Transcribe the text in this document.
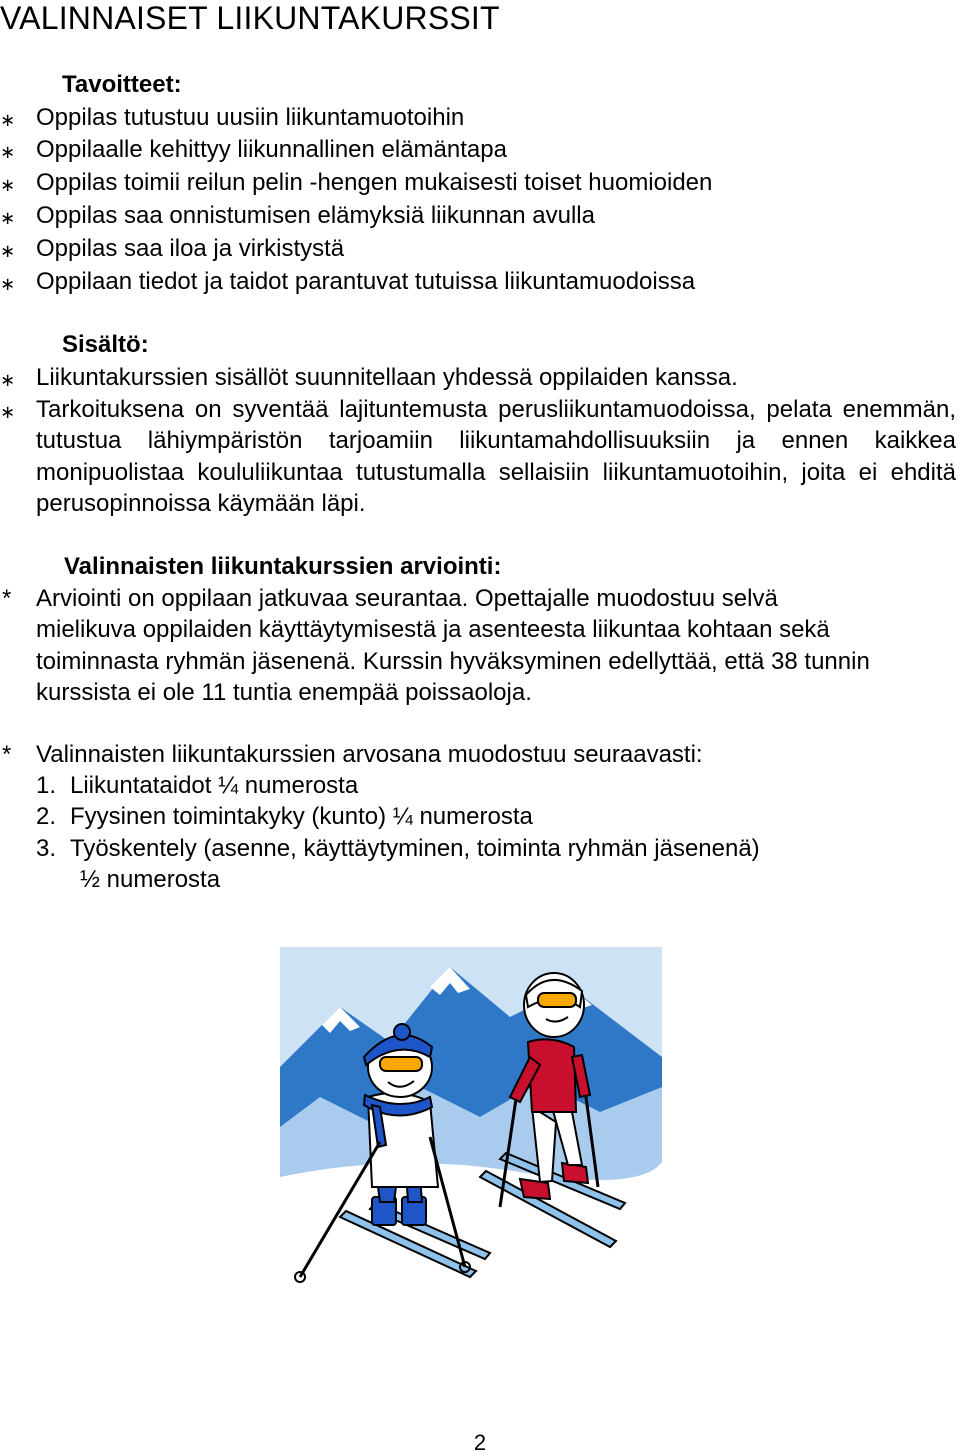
VALINNAISET LIIKUNTAKURSSIT
Tavoitteet:
∗ Oppilas tutustuu uusiin liikuntamuotoihin
∗ Oppilaalle kehittyy liikunnallinen elämäntapa
∗ Oppilas toimii reilun pelin -hengen mukaisesti toiset huomioiden
∗ Oppilas saa onnistumisen elämyksiä liikunnan avulla
∗ Oppilas saa iloa ja virkistystä
∗ Oppilaan tiedot ja taidot parantuvat tutuissa liikuntamuodoissa
Sisältö:
∗ Liikuntakurssien sisällöt suunnitellaan yhdessä oppilaiden kanssa.
∗ Tarkoituksena on syventää lajituntemusta perusliikuntamuodoissa, pelata enemmän, tutustua lähiympäristön tarjoamiin liikuntamahdollisuuksiin ja ennen kaikkea monipuolistaa koululiikuntaa tutustumalla sellaisiin liikuntamuotoihin, joita ei ehditä perusopinnoissa käymään läpi.
Valinnaisten liikuntakurssien arviointi:
*	Arviointi on oppilaan jatkuvaa seurantaa. Opettajalle muodostuu selvä mielikuva oppilaiden käyttäytymisestä ja asenteesta liikuntaa kohtaan sekä toiminnasta ryhmän jäsenenä. Kurssin hyväksyminen edellyttää, että 38 tunnin kurssista ei ole 11 tuntia enempää poissaoloja.
*	Valinnaisten liikuntakurssien arvosana muodostuu seuraavasti:
1. Liikuntataidot ¼ numerosta
2. Fyysinen toimintakyky (kunto) ¼ numerosta
3. Työskentely (asenne, käyttäytyminen, toiminta ryhmän jäsenenä)
½ numerosta
2
